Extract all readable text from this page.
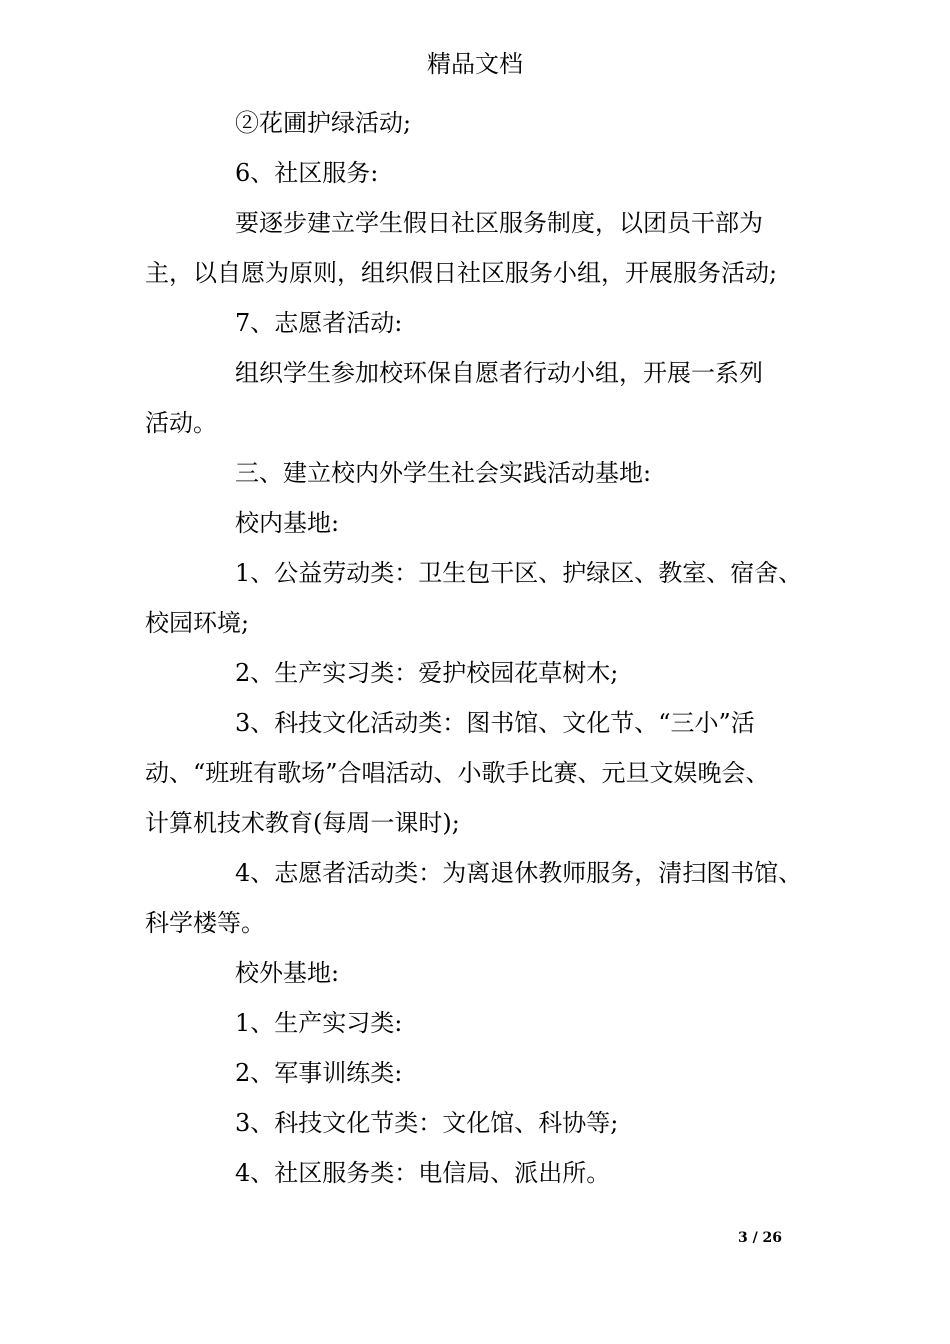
精品文档

②花圃护绿活动;

6、社区服务:

要逐步建立学生假日社区服务制度，以团员干部为

主，以自愿为原则，组织假日社区服务小组，开展服务活动;

7、志愿者活动:

组织学生参加校环保自愿者行动小组，开展一系列

活动。

三、建立校内外学生社会实践活动基地:

校内基地:

1、公益劳动类：卫生包干区、护绿区、教室、宿舍、

校园环境;

2、生产实习类：爱护校园花草树木;

3、科技文化活动类：图书馆、文化节、“三小”活

动、“班班有歌场”合唱活动、小歌手比赛、元旦文娱晚会、

计算机技术教育(每周一课时);

4、志愿者活动类：为离退休教师服务，清扫图书馆、

科学楼等。

校外基地:

1、生产实习类:

2、军事训练类:

3、科技文化节类：文化馆、科协等;

4、社区服务类：电信局、派出所。

3 / 26
